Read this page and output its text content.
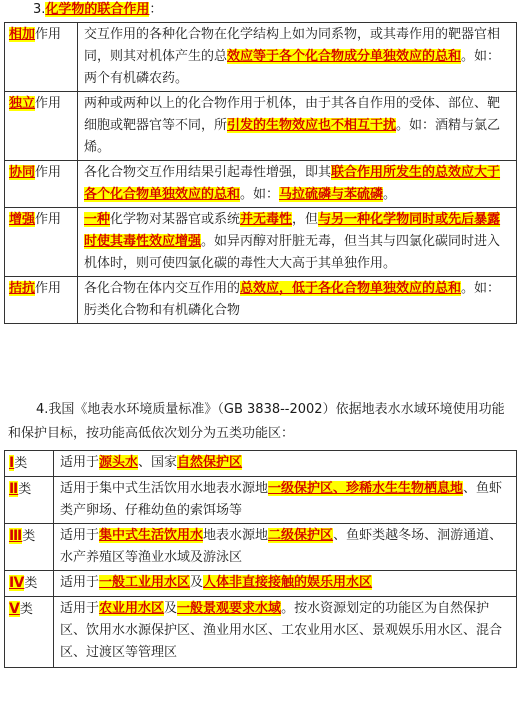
3.化学物的联合作用：
相加作用	交互作用的各种化合物在化学结构上如为同系物，或其毒作用的靶器官相同，则其对机体产生的总效应等于各个化合物成分单独效应的总和。如：两个有机磷农药。
独立作用	两种或两种以上的化合物作用于机体，由于其各自作用的受体、部位、靶细胞或靶器官等不同，所引发的生物效应也不相互干扰。如：酒精与氯乙烯。
协同作用	各化合物交互作用结果引起毒性增强，即其联合作用所发生的总效应大于各个化合物单独效应的总和。如：马拉硫磷与苯硫磷。
增强作用	一种化学物对某器官或系统并无毒性，但与另一种化学物同时或先后暴露时使其毒性效应增强。如异丙醇对肝脏无毒，但当其与四氯化碳同时进入机体时，则可使四氯化碳的毒性大大高于其单独作用。
拮抗作用	各化合物在体内交互作用的总效应，低于各化合物单独效应的总和。如：肟类化合物和有机磷化合物
4.我国《地表水环境质量标准》（GB 3838--2002）依据地表水水域环境使用功能和保护目标，按功能高低依次划分为五类功能区：
Ⅰ类	适用于源头水、国家自然保护区
Ⅱ类	适用于集中式生活饮用水地表水源地一级保护区、珍稀水生生物栖息地、鱼虾类产卵场、仔稚幼鱼的索饵场等
Ⅲ类	适用于集中式生活饮用水地表水源地二级保护区、鱼虾类越冬场、洄游通道、水产养殖区等渔业水域及游泳区
Ⅳ类	适用于一般工业用水区及人体非直接接触的娱乐用水区
Ⅴ类	适用于农业用水区及一般景观要求水域。按水资源划定的功能区为自然保护区、饮用水水源保护区、渔业用水区、工农业用水区、景观娱乐用水区、混合区、过渡区等管理区
